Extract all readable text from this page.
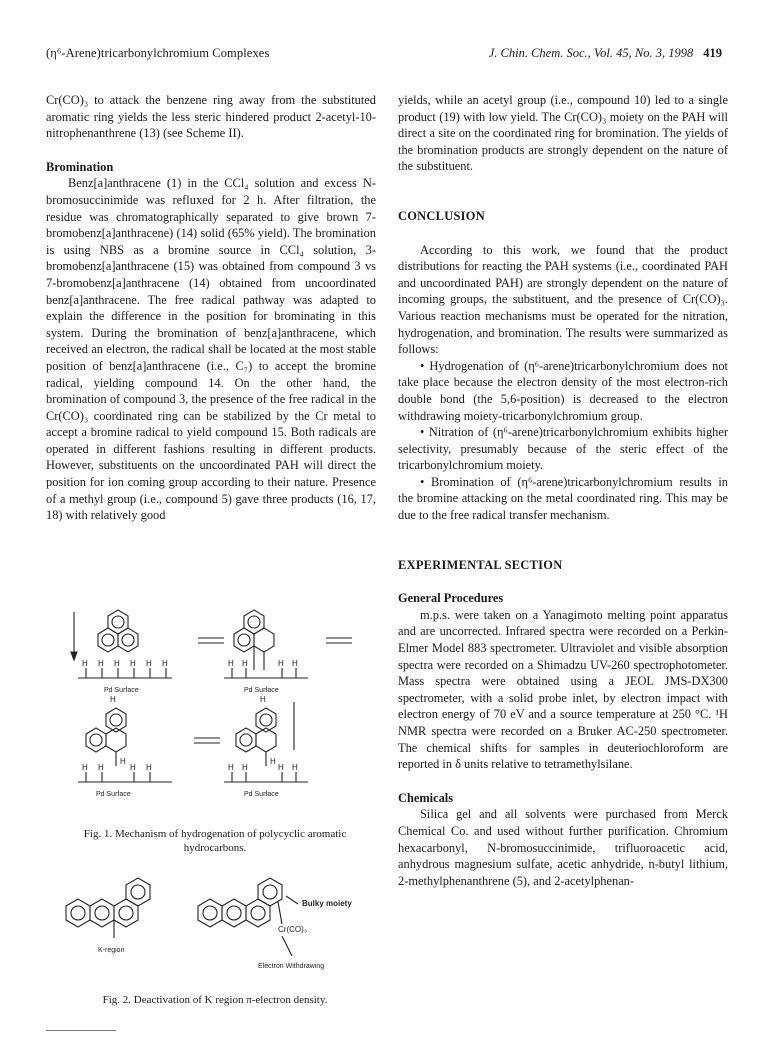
(η⁶-Arene)tricarbonylchromium Complexes	J. Chin. Chem. Soc., Vol. 45, No. 3, 1998 419

Cr(CO)₃ to attack the benzene ring away from the substituted aromatic ring yields the less steric hindered product 2-acetyl-10-nitrophenanthrene (13) (see Scheme II).

Bromination

Benz[a]anthracene (1) in the CCl₄ solution and excess N-bromosuccinimide was refluxed for 2 h. After filtration, the residue was chromatographically separated to give brown 7-bromobenz[a]anthracene) (14) solid (65% yield). The bromination is using NBS as a bromine source in CCl₄ solution, 3-bromobenz[a]anthracene (15) was obtained from compound 3 vs 7-bromobenz[a]anthracene (14) obtained from uncoordinated benz[a]anthracene. The free radical pathway was adapted to explain the difference in the position for brominating in this system. During the bromination of benz[a]anthracene, which received an electron, the radical shall be located at the most stable position of benz[a]anthracene (i.e., C₇) to accept the bromine radical, yielding compound 14. On the other hand, the bromination of compound 3, the presence of the free radical in the Cr(CO)₃ coordinated ring can be stabilized by the Cr metal to accept a bromine radical to yield compound 15. Both radicals are operated in different fashions resulting in different products. However, substituents on the uncoordinated PAH will direct the position for ion coming group according to their nature. Presence of a methyl group (i.e., compound 5) gave three products (16, 17, 18) with relatively good

H H H H H H	H H	H H
H	H
H	H
H H	H H	H H	H H
Pd Surface	Pd Surface
Pd Surface	Pd Surface
Fig. 1. Mechanism of hydrogenation of polycyclic aromatic hydrocarbons.
K-region
Bulky moiety
Cr(CO)₃
Electron Withdrawing
Fig. 2. Deactivation of K region π-electron density.

yields, while an acetyl group (i.e., compound 10) led to a single product (19) with low yield. The Cr(CO)₃ moiety on the PAH will direct a site on the coordinated ring for bromination. The yields of the bromination products are strongly dependent on the nature of the substituent.

CONCLUSION

According to this work, we found that the product distributions for reacting the PAH systems (i.e., coordinated PAH and uncoordinated PAH) are strongly dependent on the nature of incoming groups, the substituent, and the presence of Cr(CO)₃. Various reaction mechanisms must be operated for the nitration, hydrogenation, and bromination. The results were summarized as follows:

• Hydrogenation of (η⁶-arene)tricarbonylchromium does not take place because the electron density of the most electron-rich double bond (the 5,6-position) is decreased to the electron withdrawing moiety-tricarbonylchromium group.

• Nitration of (η⁶-arene)tricarbonylchromium exhibits higher selectivity, presumably because of the steric effect of the tricarbonylchromium moiety.

• Bromination of (η⁶-arene)tricarbonylchromium results in the bromine attacking on the metal coordinated ring. This may be due to the free radical transfer mechanism.

EXPERIMENTAL SECTION

General Procedures

m.p.s. were taken on a Yanagimoto melting point apparatus and are uncorrected. Infrared spectra were recorded on a Perkin-Elmer Model 883 spectrometer. Ultraviolet and visible absorption spectra were recorded on a Shimadzu UV-260 spectrophotometer. Mass spectra were obtained using a JEOL JMS-DX300 spectrometer, with a solid probe inlet, by electron impact with electron energy of 70 eV and a source temperature at 250 °C. ¹H NMR spectra were recorded on a Bruker AC-250 spectrometer. The chemical shifts for samples in deuteriochloroform are reported in δ units relative to tetramethylsilane.

Chemicals

Silica gel and all solvents were purchased from Merck Chemical Co. and used without further purification. Chromium hexacarbonyl, N-bromosuccinimide, trifluoroacetic acid, anhydrous magnesium sulfate, acetic anhydride, n-butyl lithium, 2-methylphenanthrene (5), and 2-acetylphenan-
